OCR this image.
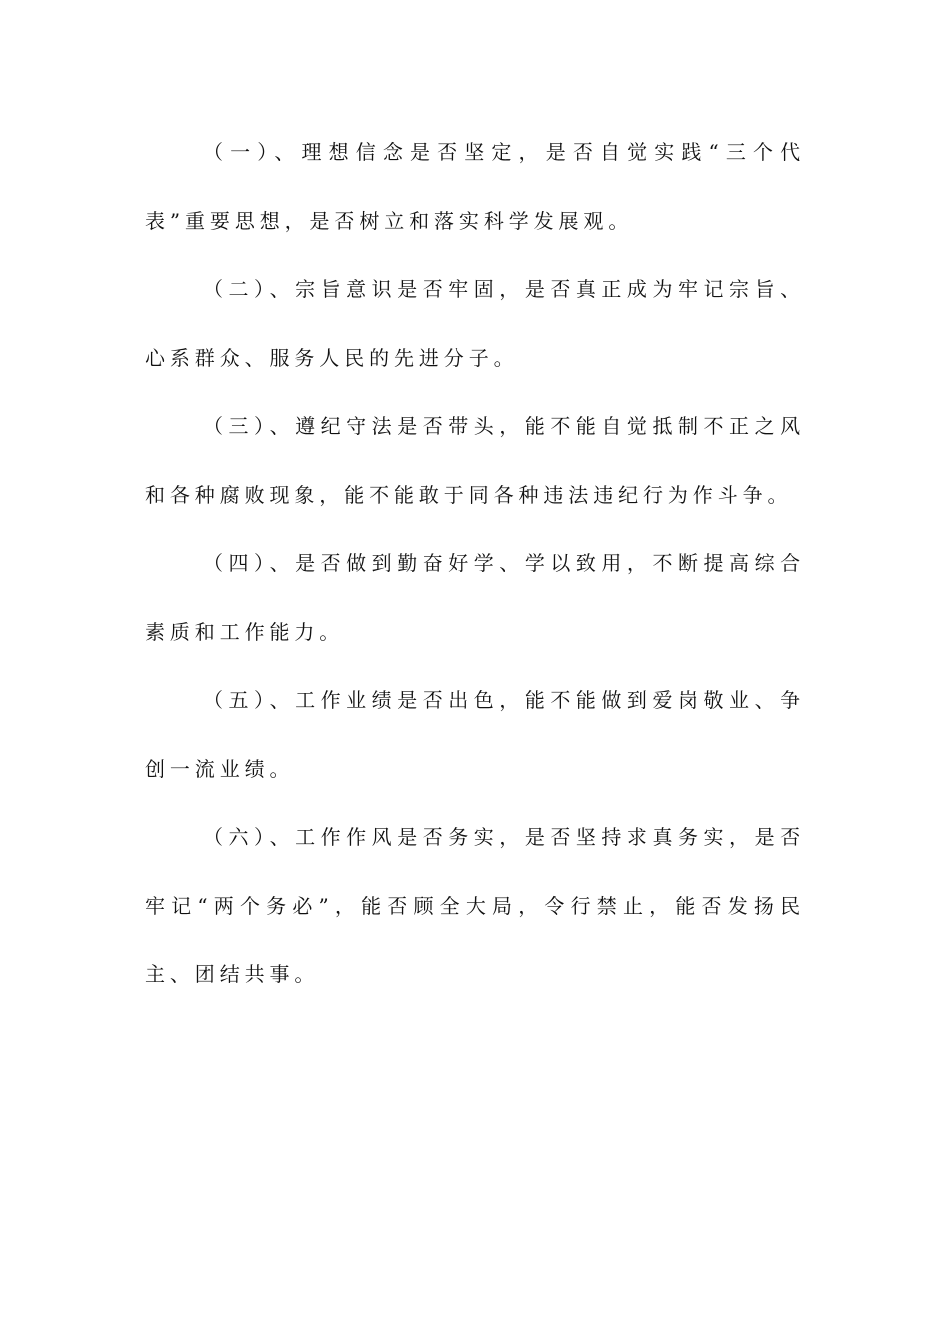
（一）、理想信念是否坚定，是否自觉实践“三个代表”重要思想，是否树立和落实科学发展观。

（二）、宗旨意识是否牢固，是否真正成为牢记宗旨、心系群众、服务人民的先进分子。

（三）、遵纪守法是否带头，能不能自觉抵制不正之风和各种腐败现象，能不能敢于同各种违法违纪行为作斗争。

（四）、是否做到勤奋好学、学以致用，不断提高综合素质和工作能力。

（五）、工作业绩是否出色，能不能做到爱岗敬业、争创一流业绩。

（六）、工作作风是否务实，是否坚持求真务实，是否牢记“两个务必”，能否顾全大局，令行禁止，能否发扬民主、团结共事。
